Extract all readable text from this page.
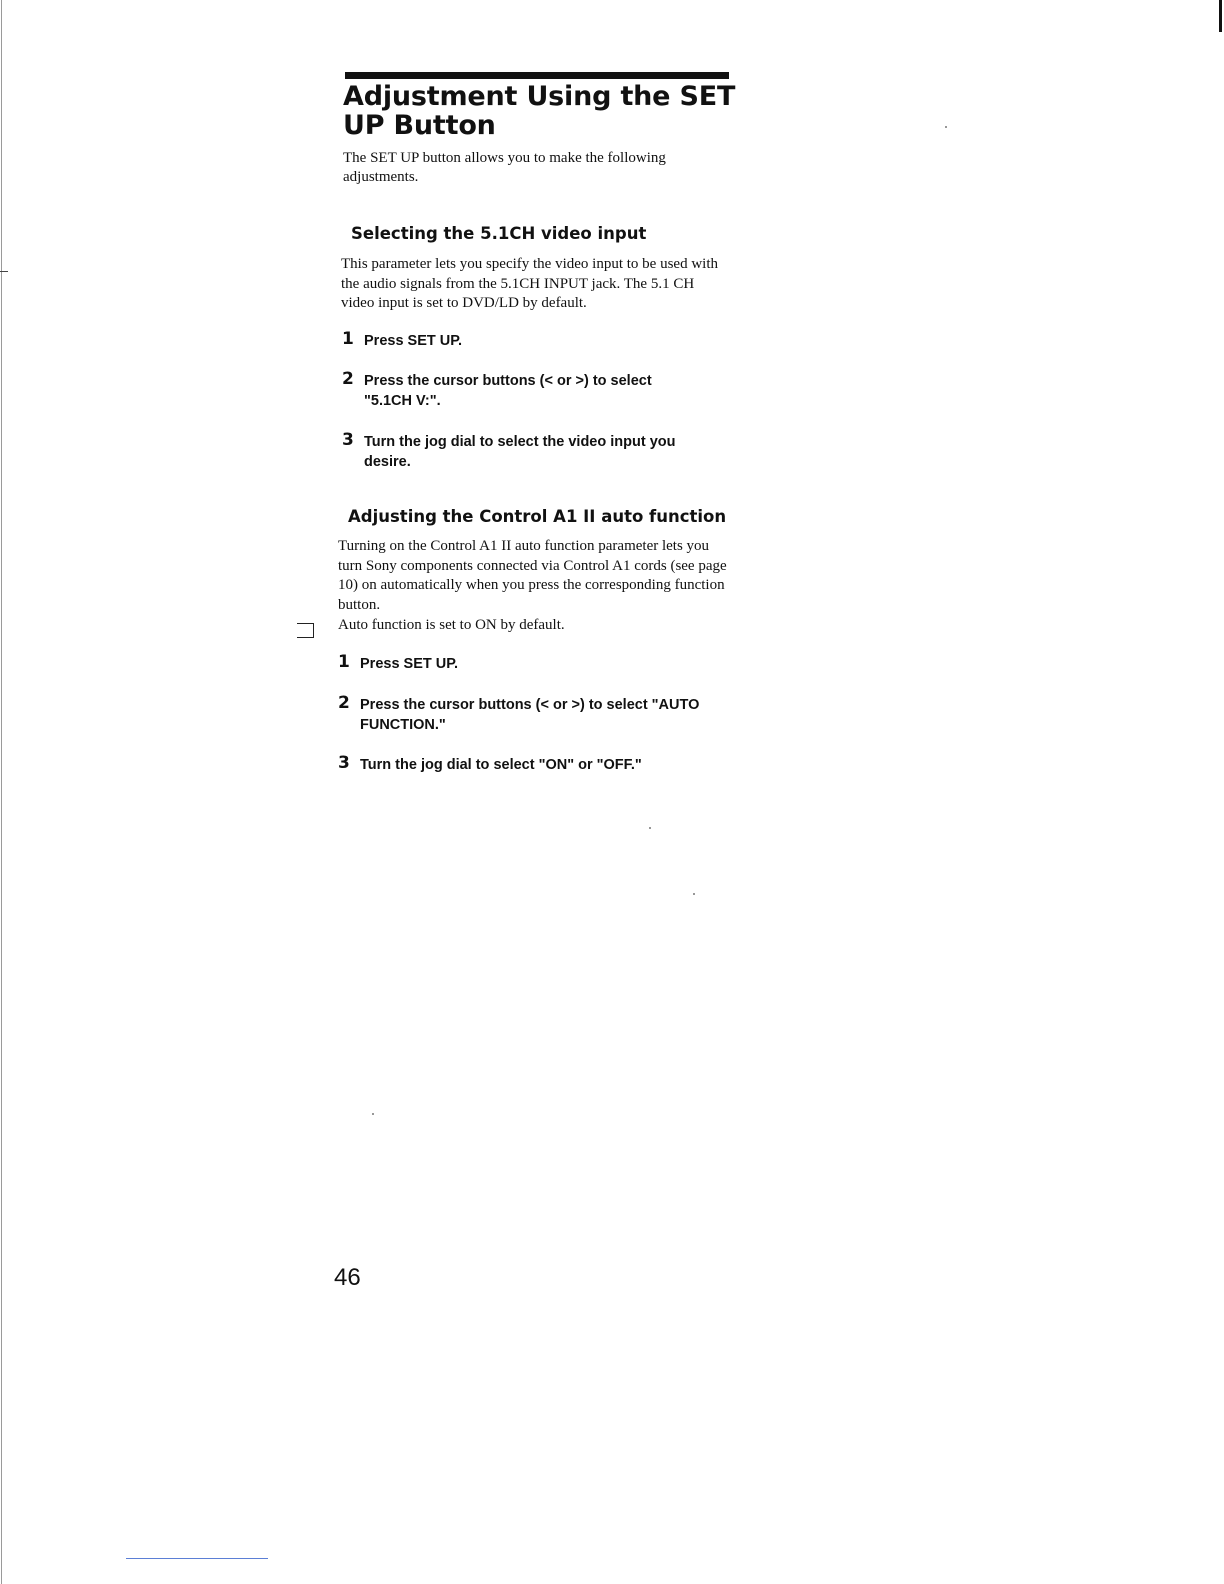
Adjustment Using the SET UP Button

The SET UP button allows you to make the following adjustments.

Selecting the 5.1CH video input

This parameter lets you specify the video input to be used with the audio signals from the 5.1CH INPUT jack. The 5.1 CH video input is set to DVD/LD by default.

1 Press SET UP.

2 Press the cursor buttons (< or >) to select "5.1CH V:".

3 Turn the jog dial to select the video input you desire.

Adjusting the Control A1 II auto function

Turning on the Control A1 II auto function parameter lets you turn Sony components connected via Control A1 cords (see page 10) on automatically when you press the corresponding function button.

Auto function is set to ON by default.

1 Press SET UP.

2 Press the cursor buttons (< or >) to select "AUTO FUNCTION."

3 Turn the jog dial to select "ON" or "OFF."

46
